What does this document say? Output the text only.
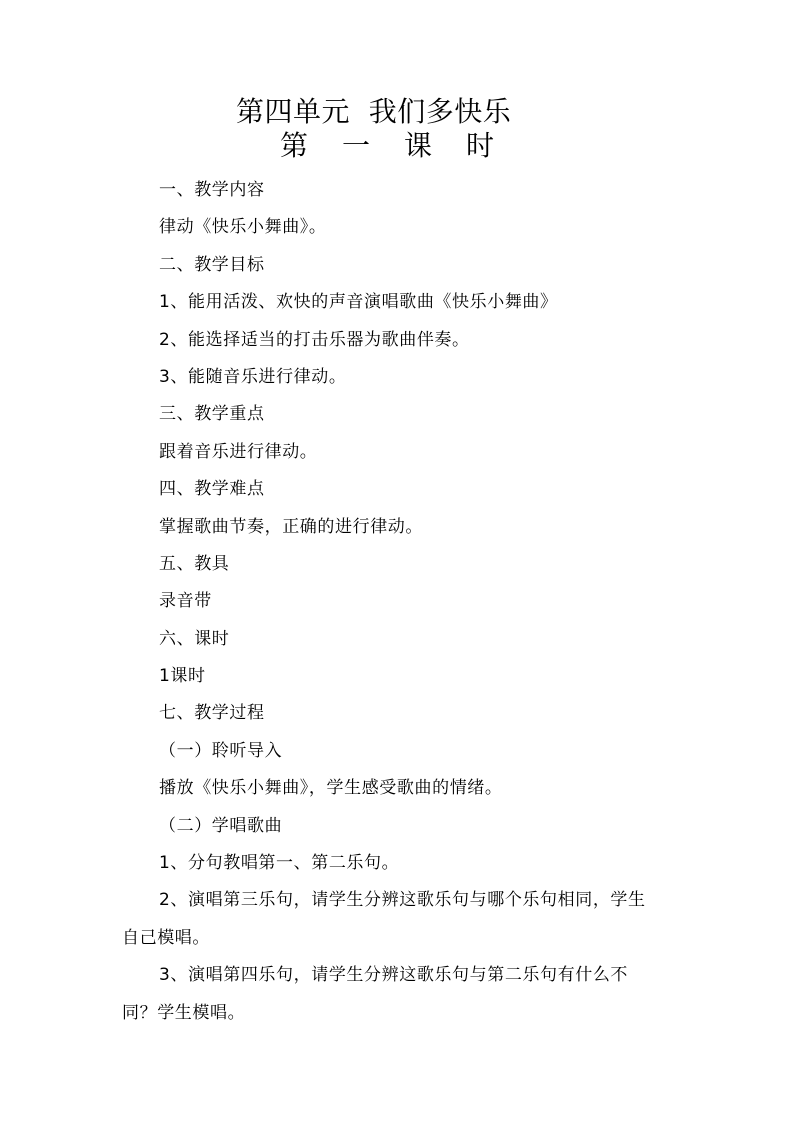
第四单元  我们多快乐
第一课时
一、教学内容
律动《快乐小舞曲》。
二、教学目标
1、能用活泼、欢快的声音演唱歌曲《快乐小舞曲》
2、能选择适当的打击乐器为歌曲伴奏。
3、能随音乐进行律动。
三、教学重点
跟着音乐进行律动。
四、教学难点
掌握歌曲节奏，正确的进行律动。
五、教具
录音带
六、课时
1课时
七、教学过程
（一）聆听导入
播放《快乐小舞曲》，学生感受歌曲的情绪。
（二）学唱歌曲
1、分句教唱第一、第二乐句。
2、演唱第三乐句，请学生分辨这歌乐句与哪个乐句相同，学生
自己模唱。
3、演唱第四乐句，请学生分辨这歌乐句与第二乐句有什么不
同？学生模唱。
